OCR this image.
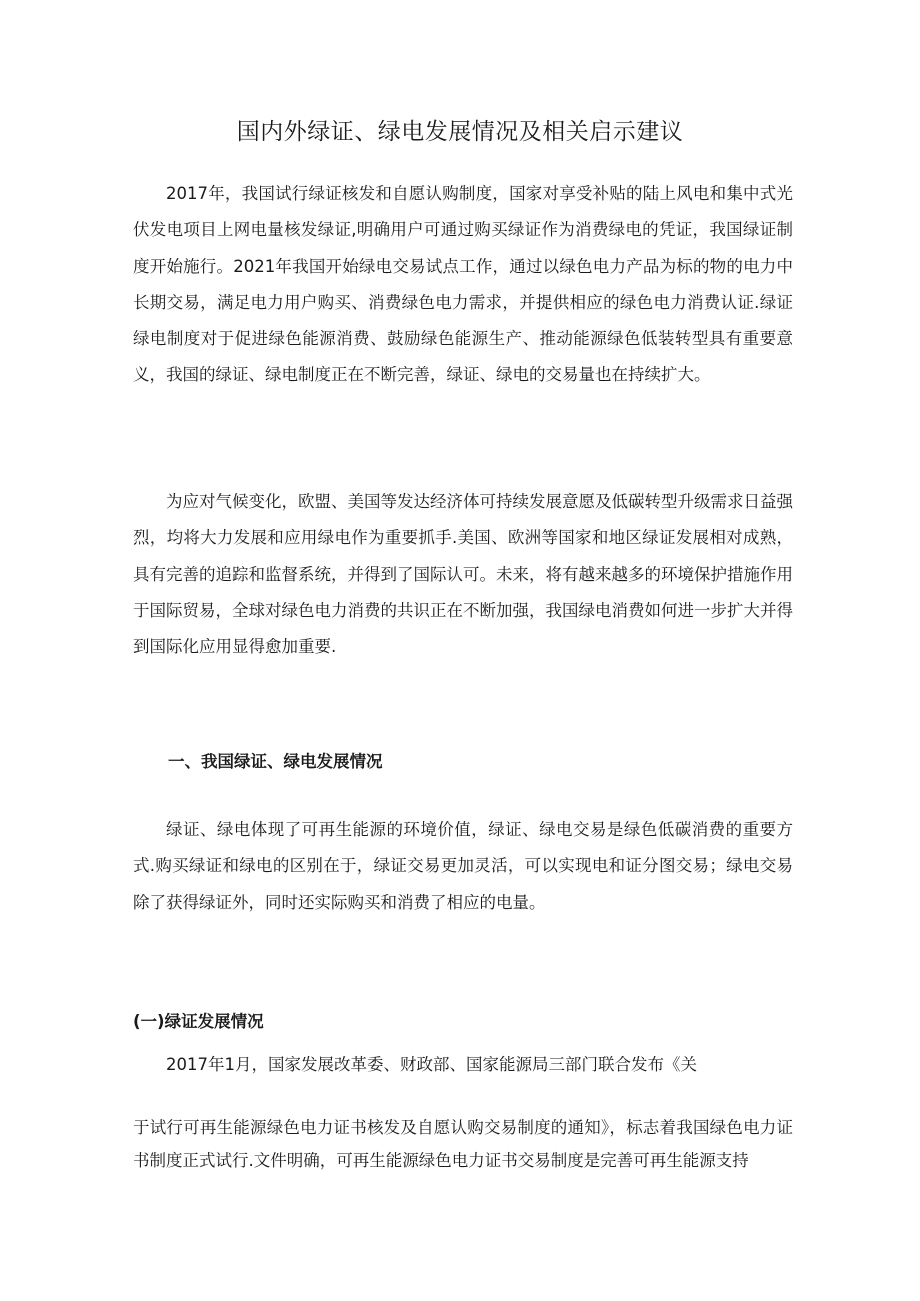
国内外绿证、绿电发展情况及相关启示建议

2017年，我国试行绿证核发和自愿认购制度，国家对享受补贴的陆上风电和集中式光伏发电项目上网电量核发绿证,明确用户可通过购买绿证作为消费绿电的凭证，我国绿证制度开始施行。2021年我国开始绿电交易试点工作，通过以绿色电力产品为标的物的电力中长期交易，满足电力用户购买、消费绿色电力需求，并提供相应的绿色电力消费认证.绿证绿电制度对于促进绿色能源消费、鼓励绿色能源生产、推动能源绿色低装转型具有重要意义，我国的绿证、绿电制度正在不断完善，绿证、绿电的交易量也在持续扩大。

为应对气候变化，欧盟、美国等发达经济体可持续发展意愿及低碳转型升级需求日益强烈，均将大力发展和应用绿电作为重要抓手.美国、欧洲等国家和地区绿证发展相对成熟，具有完善的追踪和监督系统，并得到了国际认可。未来，将有越来越多的环境保护措施作用于国际贸易，全球对绿色电力消费的共识正在不断加强，我国绿电消费如何进一步扩大并得到国际化应用显得愈加重要.

一、我国绿证、绿电发展情况

绿证、绿电体现了可再生能源的环境价值，绿证、绿电交易是绿色低碳消费的重要方式.购买绿证和绿电的区别在于，绿证交易更加灵活，可以实现电和证分图交易；绿电交易除了获得绿证外，同时还实际购买和消费了相应的电量。

(一)绿证发展情况

2017年1月，国家发展改革委、财政部、国家能源局三部门联合发布《关

于试行可再生能源绿色电力证书核发及自愿认购交易制度的通知》，标志着我国绿色电力证书制度正式试行.文件明确，可再生能源绿色电力证书交易制度是完善可再生能源支持
